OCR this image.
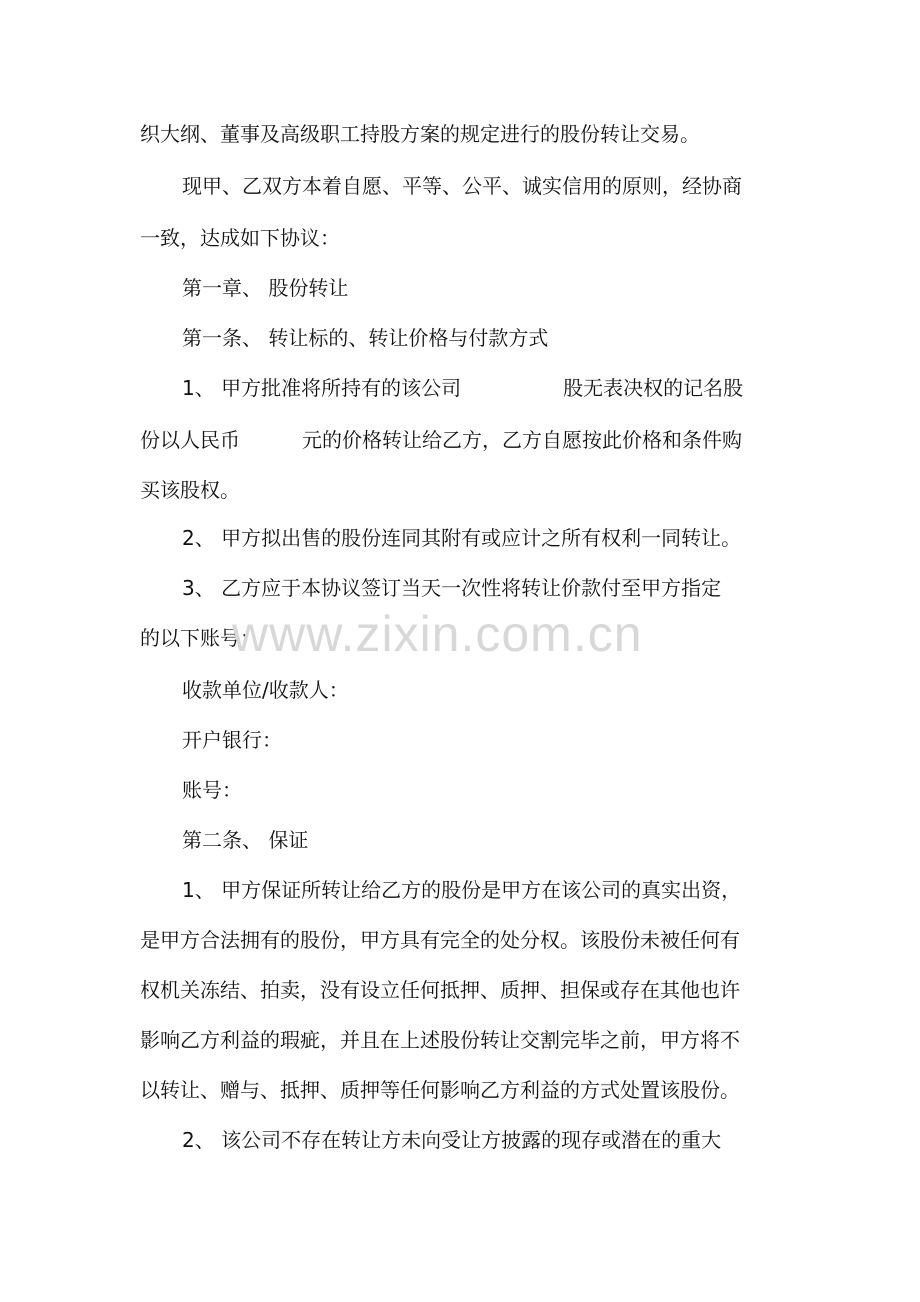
织大纲、董事及高级职工持股方案的规定进行的股份转让交易。
现甲、乙双方本着自愿、平等、公平、诚实信用的原则，经协商
一致，达成如下协议：
第一章、 股份转让
第一条、 转让标的、转让价格与付款方式
1、 甲方批准将所持有的该公司	股无表决权的记名股
份以人民币	元的价格转让给乙方，乙方自愿按此价格和条件购
买该股权。
2、 甲方拟出售的股份连同其附有或应计之所有权利一同转让。
3、 乙方应于本协议签订当天一次性将转让价款付至甲方指定
的以下账号：
收款单位/收款人：
开户银行：
账号：
第二条、 保证
1、 甲方保证所转让给乙方的股份是甲方在该公司的真实出资，
是甲方合法拥有的股份，甲方具有完全的处分权。该股份未被任何有
权机关冻结、拍卖，没有设立任何抵押、质押、担保或存在其他也许
影响乙方利益的瑕疵，并且在上述股份转让交割完毕之前，甲方将不
以转让、赠与、抵押、质押等任何影响乙方利益的方式处置该股份。
2、 该公司不存在转让方未向受让方披露的现存或潜在的重大
www.zixin.com.cn
